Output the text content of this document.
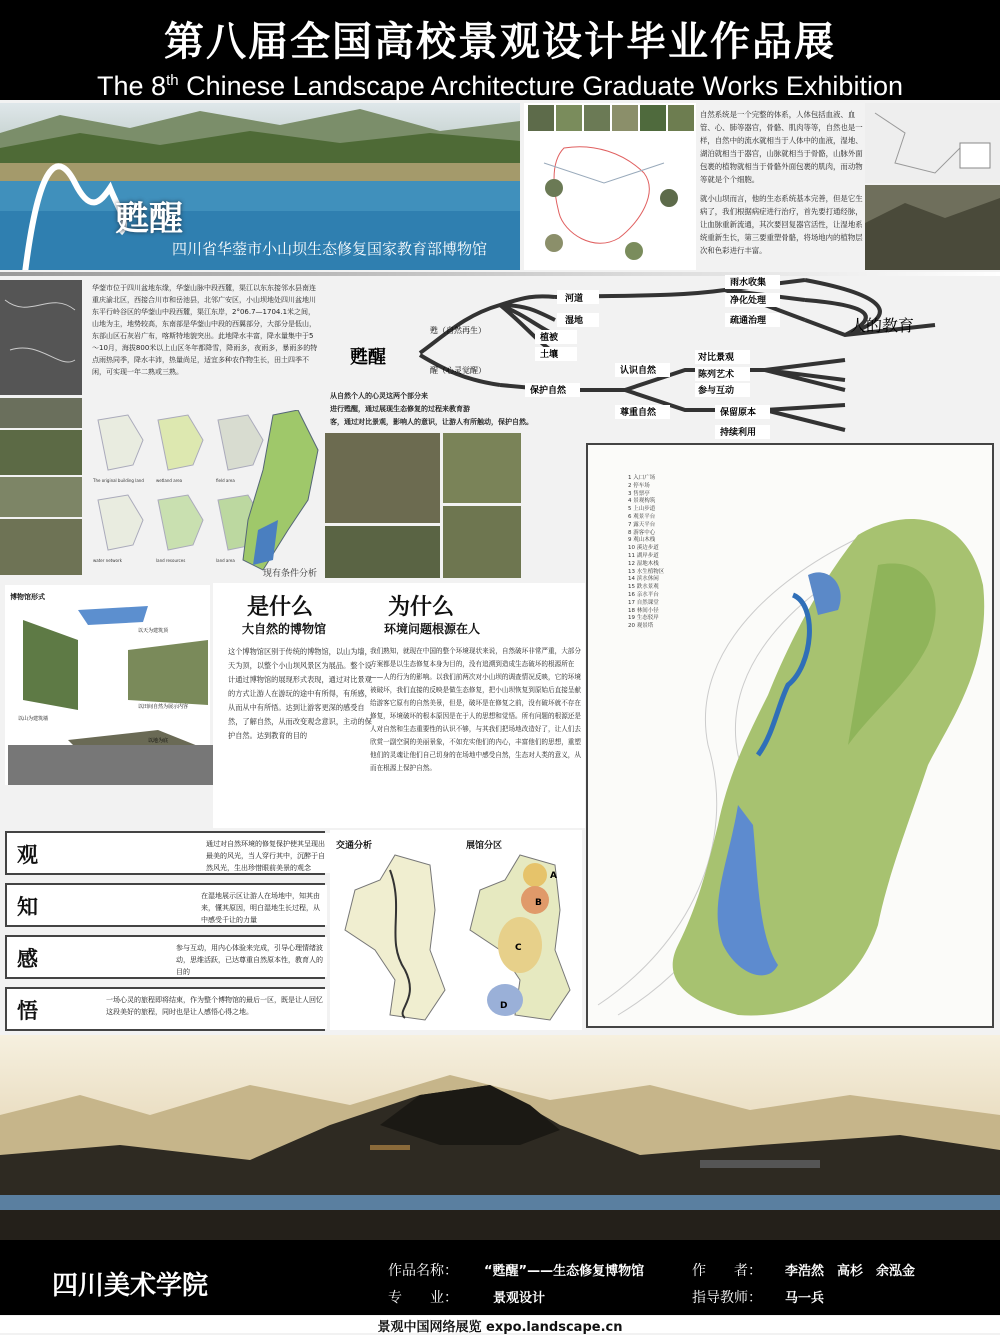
第八届全国高校景观设计毕业作品展
The 8th Chinese Landscape Architecture Graduate Works Exhibition
甦醒
四川省华蓥市小山坝生态修复国家教育部博物馆

自然系统是一个完整的体系，人体包括血液、血管、心、肺等器官，骨骼、肌肉等等，自然也是一样，自然中的流水就相当于人体中的血液，湿地、湖泊就相当于器官，山脉就相当于骨骼，山脉外面包裹的植物就相当于骨骼外面包裹的肌肉，而动物等就是个个细胞。

就小山坝而言，他的生态系统基本完善，但是它生病了，我们根据病症进行治疗，首先要打通经脉，让血脉重新流通，其次要回复器官活性，让湿地系统重新生长，第三要重塑骨骼，将场地内的植物层次和色彩进行丰富。

华蓥市位于四川盆地东缘，华蓥山脉中段西麓，渠江以东东接邻水县南连重庆渝北区，西接合川市和岳池县，北邻广安区，小山坝地处四川盆地川东平行岭谷区的华蓥山中段西麓，渠江东岸，2°06.7—1704.1米之间，山地为主，地势较高，东南部是华蓥山中段的西翼部分，大部分是低山，东部山区石灰岩广布，喀斯特地貌突出。此地降水丰富，降水量集中于5～10月，海拔800米以上山区冬年都降雪，降雨多，夜雨多，暴雨多的特点雨热同季，降水丰沛，热量尚足，适宜多种农作物生长，田土四季不闲，可实现一年二熟或三熟。
The original building land	wetland area	field area
water network	land resources	land area
现有条件分析
甦醒
甦（自然再生）
醒（心灵觉醒）
河道
湿地
植被
土壤
雨水收集
净化处理
疏通治理	人的教育
保护自然
认识自然
尊重自然
对比景观
陈列艺术
参与互动
保留原本
持续利用
从自然个人的心灵这两个部分来
进行甦醒，通过展现生态修复的过程来教育游
客，通过对比景观，影响人的意识，让游人有所触动，保护自然。
博物馆形式
以天为建筑顶
以山为建筑墙
以田间自然为展示内容
以地为底
是什么
大自然的博物馆
这个博物馆区别于传统的博物馆，以山为墙，天为顶，以整个小山坝风景区为展品。整个设计通过博物馆的展现形式表现，通过对比景观的方式让游人在游玩的途中有所得，有所感，从而从中有所悟。达到让游客更深的感受自然，了解自然，从而改变观念意识，主动的保护自然。达到教育的目的
为什么
环境问题根源在人
我们熟知，就现在中国的整个环境现状来说，自然破坏非常严重，大部分方案都是以生态修复本身为目的，没有追溯到造成生态破坏的根源所在——人的行为的影响。以我们前两次对小山坝的调查情况反映，它的环境被破坏，我们直接的反映是做生态修复，把小山坝恢复到原始后直接呈献给游客它原有的自然美景，但是，破坏是在修复之前，没有破坏就不存在修复，环境破坏的根本原因是在于人的思想和觉悟。所有问题的根源还是人对自然和生态重要性的认识不够，与其我们把场地改造好了，让人们去欣赏一副空洞的美丽景象，不如充实他们的内心，丰富他们的思想，重塑他们的灵魂让他们自己切身的在场地中感受自然，生态对人类的意义，从而在根源上保护自然。
观	通过对自然环境的修复保护使其呈现出最美的风光，当人穿行其中，沉醉于自然风光，生出珍惜眼前美景的观念
知	在湿地展示区让游人在场地中，知其由来，懂其原因，明白湿地生长过程，从中感受千让的力量
感	参与互动，用内心体验来完成，引导心理情绪波动，思维活跃，已达尊重自然原本性，教育人的目的
悟	一场心灵的旅程即将结束，作为整个博物馆的最后一区，既是让人回忆这段美好的旅程，同时也是让人感悟心得之地。
交通分析	展馆分区
A
B
C
D
1 入口广场
2 停车场
3 售票亭
4 景观构筑
5 上山步道
6 观景平台
7 露天平台
8 游客中心
9 观山木栈
10 溪边步道
11 湖岸步道
12 湿地木栈
13 水生植物区
14 滨水休闲
15 跌水景观
16 亲水平台
17 自然课堂
18 林间小径
19 生态驳岸
20 观景塔
四川美术学院	作品名称： “甦醒”——生态修复博物馆	作　　者： 李浩然　高杉　余泓金
专　　业：	景观设计	指导教师： 马一兵
景观中国网络展览 expo.landscape.cn
